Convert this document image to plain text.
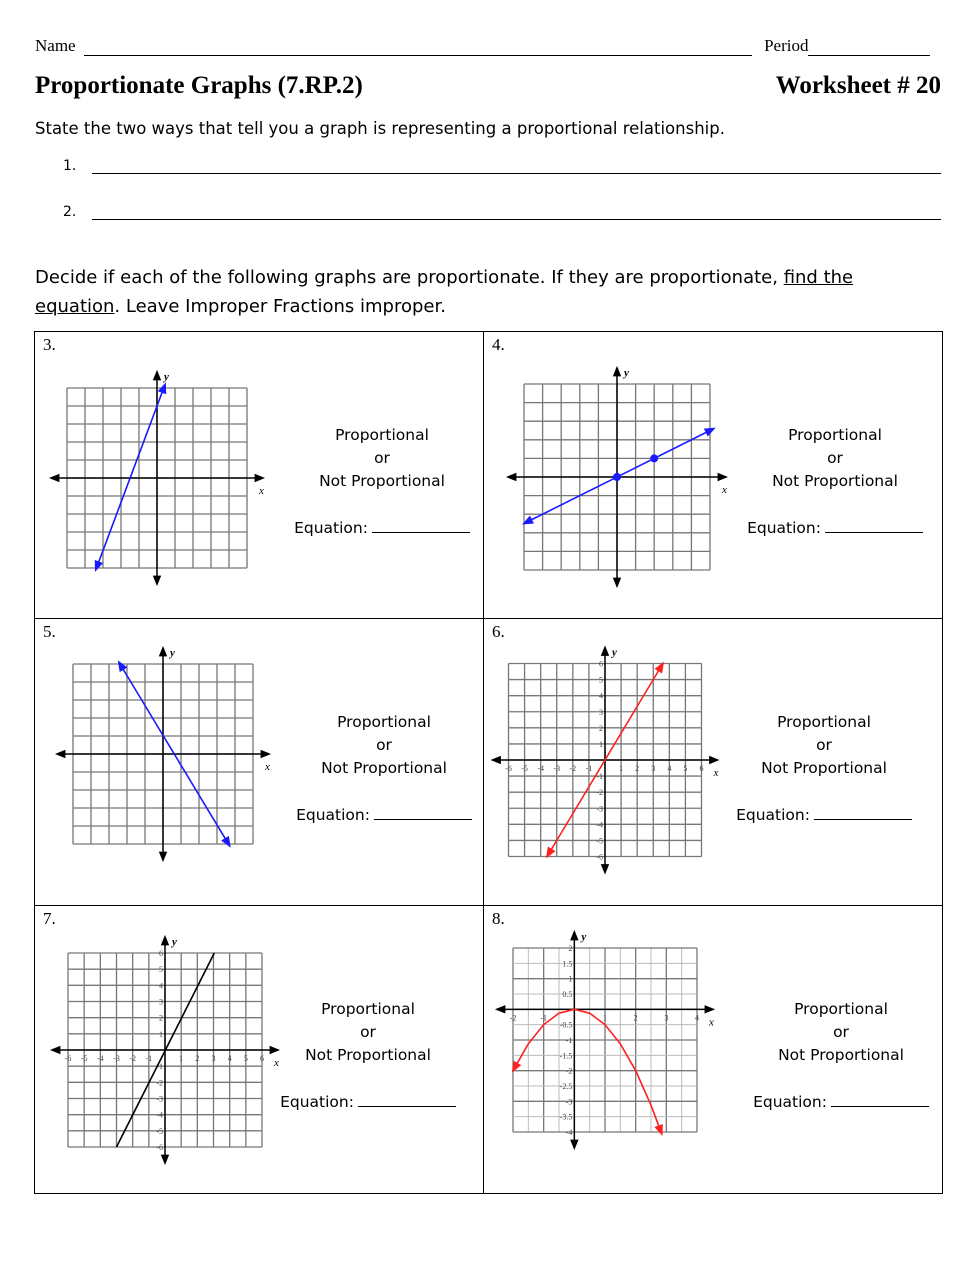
Name	Period
Proportionate Graphs (7.RP.2)	Worksheet # 20
State the two ways that tell you a graph is representing a proportional relationship.
1.
2.
Decide if each of the following graphs are proportionate. If they are proportionate, find the equation. Leave Improper Fractions improper.
3.
x
y
Proportional
or
Not Proportional
Equation:
4.
x
y
Proportional
or
Not Proportional
Equation:
5.
x
y
Proportional
or
Not Proportional
Equation:
6.
x
y
-6 -5 -4 -3 -2 -1	1 2 3 4 5 6
6
5
4
3
2
1
-1
-2
-3
-4
-5
-6
Proportional
or
Not Proportional
Equation:
7.
x
y
-6 -5 -4 -3 -2 -1	1 2 3 4 5 6
6
5
4
3
2
1
-1
-2
-3
-4
-5
-6
Proportional
or
Not Proportional
Equation:
8.
x
y
-2	-1	1	2	3	4
2
1.5
1
0.5
-0.5
-1
-1.5
-2
-2.5
-3
-3.5
-4
Proportional
or
Not Proportional
Equation:
